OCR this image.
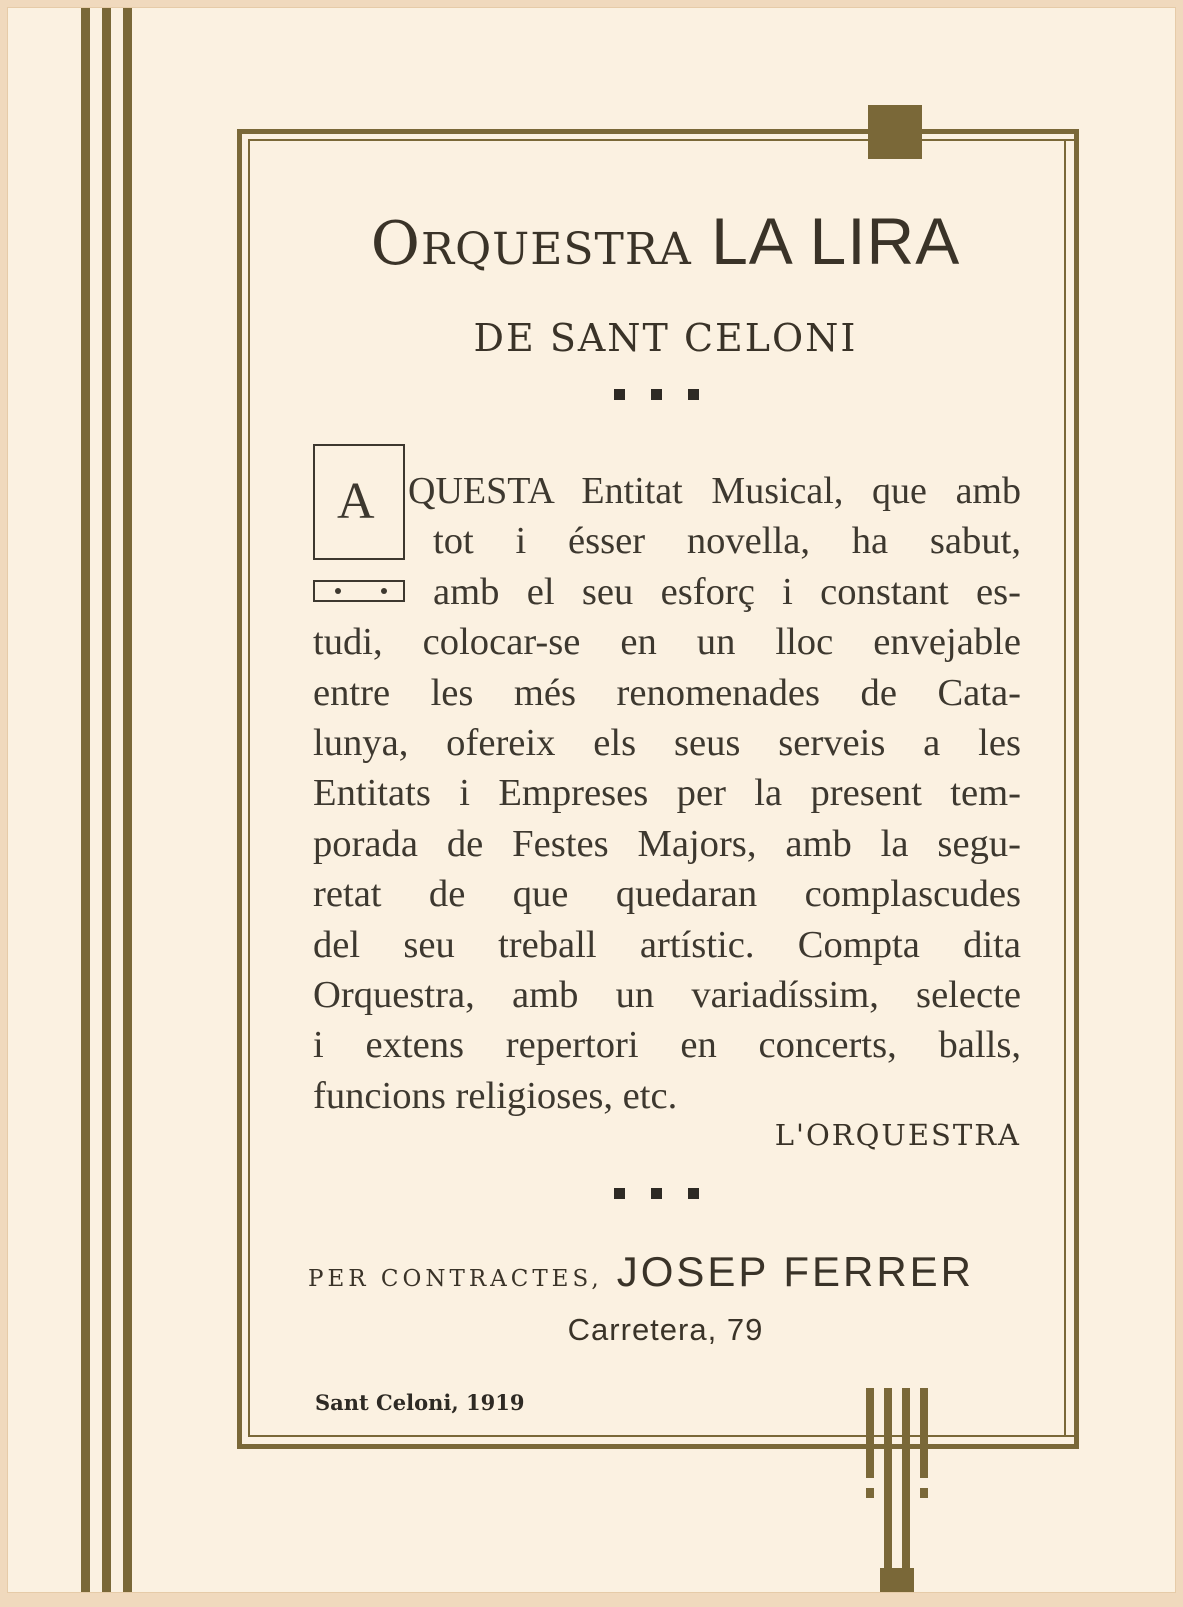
ORQUESTRA LA LIRA
DE SANT CELONI
A QUESTA Entitat Musical, que amb
tot i ésser novella, ha sabut,
amb el seu esforç i constant es-
tudi, colocar-se en un lloc envejable
entre les més renomenades de Cata-
lunya, ofereix els seus serveis a les
Entitats i Empreses per la present tem-
porada de Festes Majors, amb la segu-
retat de que quedaran complascudes
del seu treball artístic. Compta dita
Orquestra, amb un variadíssim, selecte
i extens repertori en concerts, balls,
funcions religioses, etc.
L'ORQUESTRA
PER CONTRACTES, JOSEP FERRER
Carretera, 79
Sant Celoni, 1919
